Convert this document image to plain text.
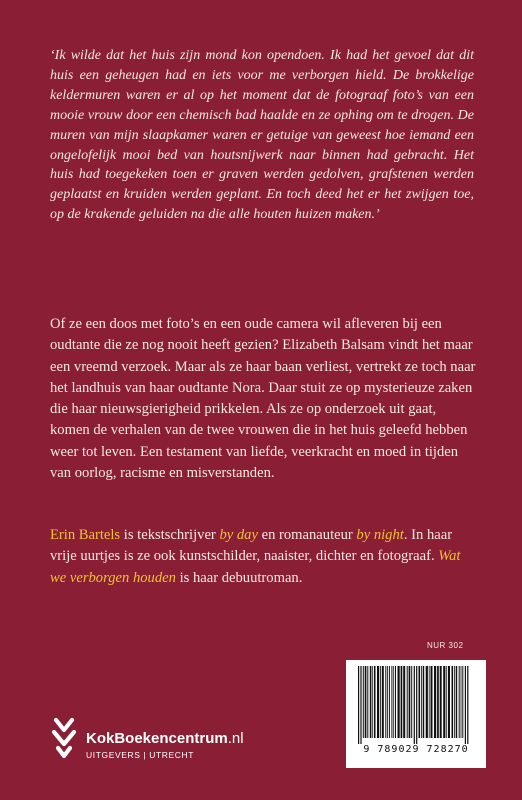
‘Ik wilde dat het huis zijn mond kon opendoen. Ik had het gevoel dat dit huis een geheugen had en iets voor me verborgen hield. De brokkelige keldermuren waren er al op het moment dat de fotograaf foto’s van een mooie vrouw door een chemisch bad haalde en ze ophing om te drogen. De muren van mijn slaapkamer waren er getuige van geweest hoe iemand een ongelofelijk mooi bed van houtsnijwerk naar binnen had gebracht. Het huis had toegekeken toen er graven werden gedolven, grafstenen werden geplaatst en kruiden werden geplant. En toch deed het er het zwijgen toe, op de krakende geluiden na die alle houten huizen maken.’

Of ze een doos met foto’s en een oude camera wil afleveren bij een oudtante die ze nog nooit heeft gezien? Elizabeth Balsam vindt het maar een vreemd verzoek. Maar als ze haar baan verliest, vertrekt ze toch naar het landhuis van haar oudtante Nora. Daar stuit ze op mysterieuze zaken die haar nieuwsgierigheid prikkelen. Als ze op onderzoek uit gaat, komen de verhalen van de twee vrouwen die in het huis geleefd hebben weer tot leven. Een testament van liefde, veerkracht en moed in tijden van oorlog, racisme en misverstanden.

Erin Bartels is tekstschrijver by day en romanauteur by night. In haar vrije uurtjes is ze ook kunstschilder, naaister, dichter en fotograaf. Wat we verborgen houden is haar debuutroman.

NUR 302
9 789029 728270
KokBoekencentrum.nl
UITGEVERS | UTRECHT
